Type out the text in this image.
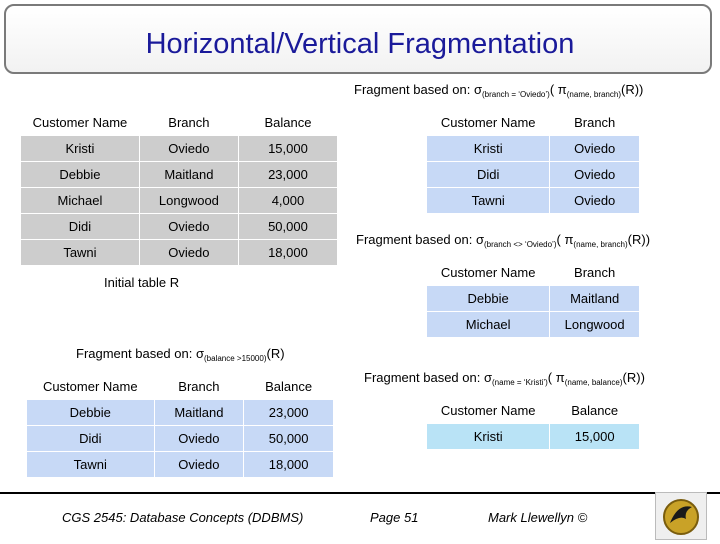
Horizontal/Vertical Fragmentation
Fragment based on: $\sigma_{(branch = ‘Oviedo’)}$( $\pi_{(name, branch)}(R)$)
Customer Name	Branch	Balance
Kristi	Oviedo	15,000
Debbie	Maitland	23,000
Michael	Longwood	4,000
Didi	Oviedo	50,000
Tawni	Oviedo	18,000
Initial table R
Customer Name	Branch
Kristi	Oviedo
Didi	Oviedo
Tawni	Oviedo
Fragment based on: $\sigma_{(branch <> ‘Oviedo’)}$( $\pi_{(name, branch)}(R)$)
Customer Name	Branch
Debbie	Maitland
Michael	Longwood
Fragment based on: $\sigma_{(balance >15000)}(R)$
Customer Name	Branch	Balance
Debbie	Maitland	23,000
Didi	Oviedo	50,000
Tawni	Oviedo	18,000
Fragment based on: $\sigma_{(name = ‘Kristi’)}$( $\pi_{(name, balance)}(R)$)
Customer Name	Balance
Kristi	15,000
CGS 2545: Database Concepts (DDBMS)	Page 51	Mark Llewellyn ©
